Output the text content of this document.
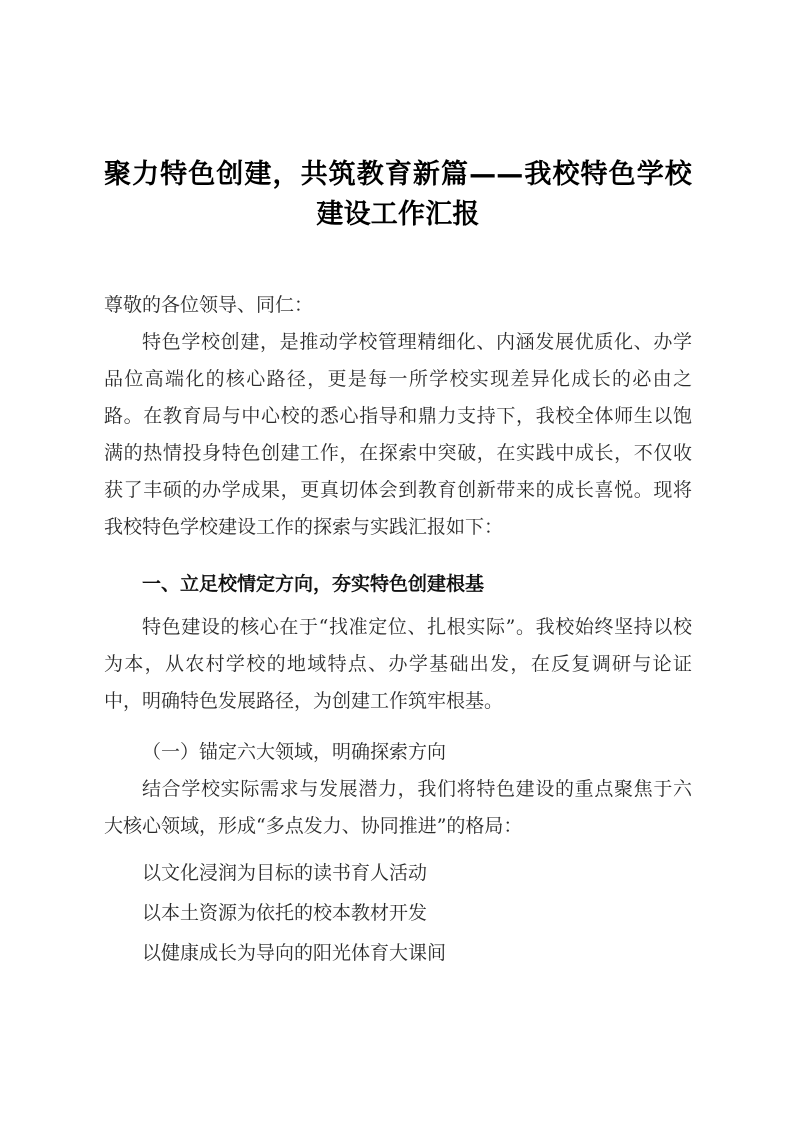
聚力特色创建，共筑教育新篇——我校特色学校建设工作汇报

尊敬的各位领导、同仁：

特色学校创建，是推动学校管理精细化、内涵发展优质化、办学品位高端化的核心路径，更是每一所学校实现差异化成长的必由之路。在教育局与中心校的悉心指导和鼎力支持下，我校全体师生以饱满的热情投身特色创建工作，在探索中突破，在实践中成长，不仅收获了丰硕的办学成果，更真切体会到教育创新带来的成长喜悦。现将我校特色学校建设工作的探索与实践汇报如下：

一、立足校情定方向，夯实特色创建根基

特色建设的核心在于“找准定位、扎根实际”。我校始终坚持以校为本，从农村学校的地域特点、办学基础出发，在反复调研与论证中，明确特色发展路径，为创建工作筑牢根基。

（一）锚定六大领域，明确探索方向

结合学校实际需求与发展潜力，我们将特色建设的重点聚焦于六大核心领域，形成“多点发力、协同推进”的格局：

以文化浸润为目标的读书育人活动
以本土资源为依托的校本教材开发
以健康成长为导向的阳光体育大课间
